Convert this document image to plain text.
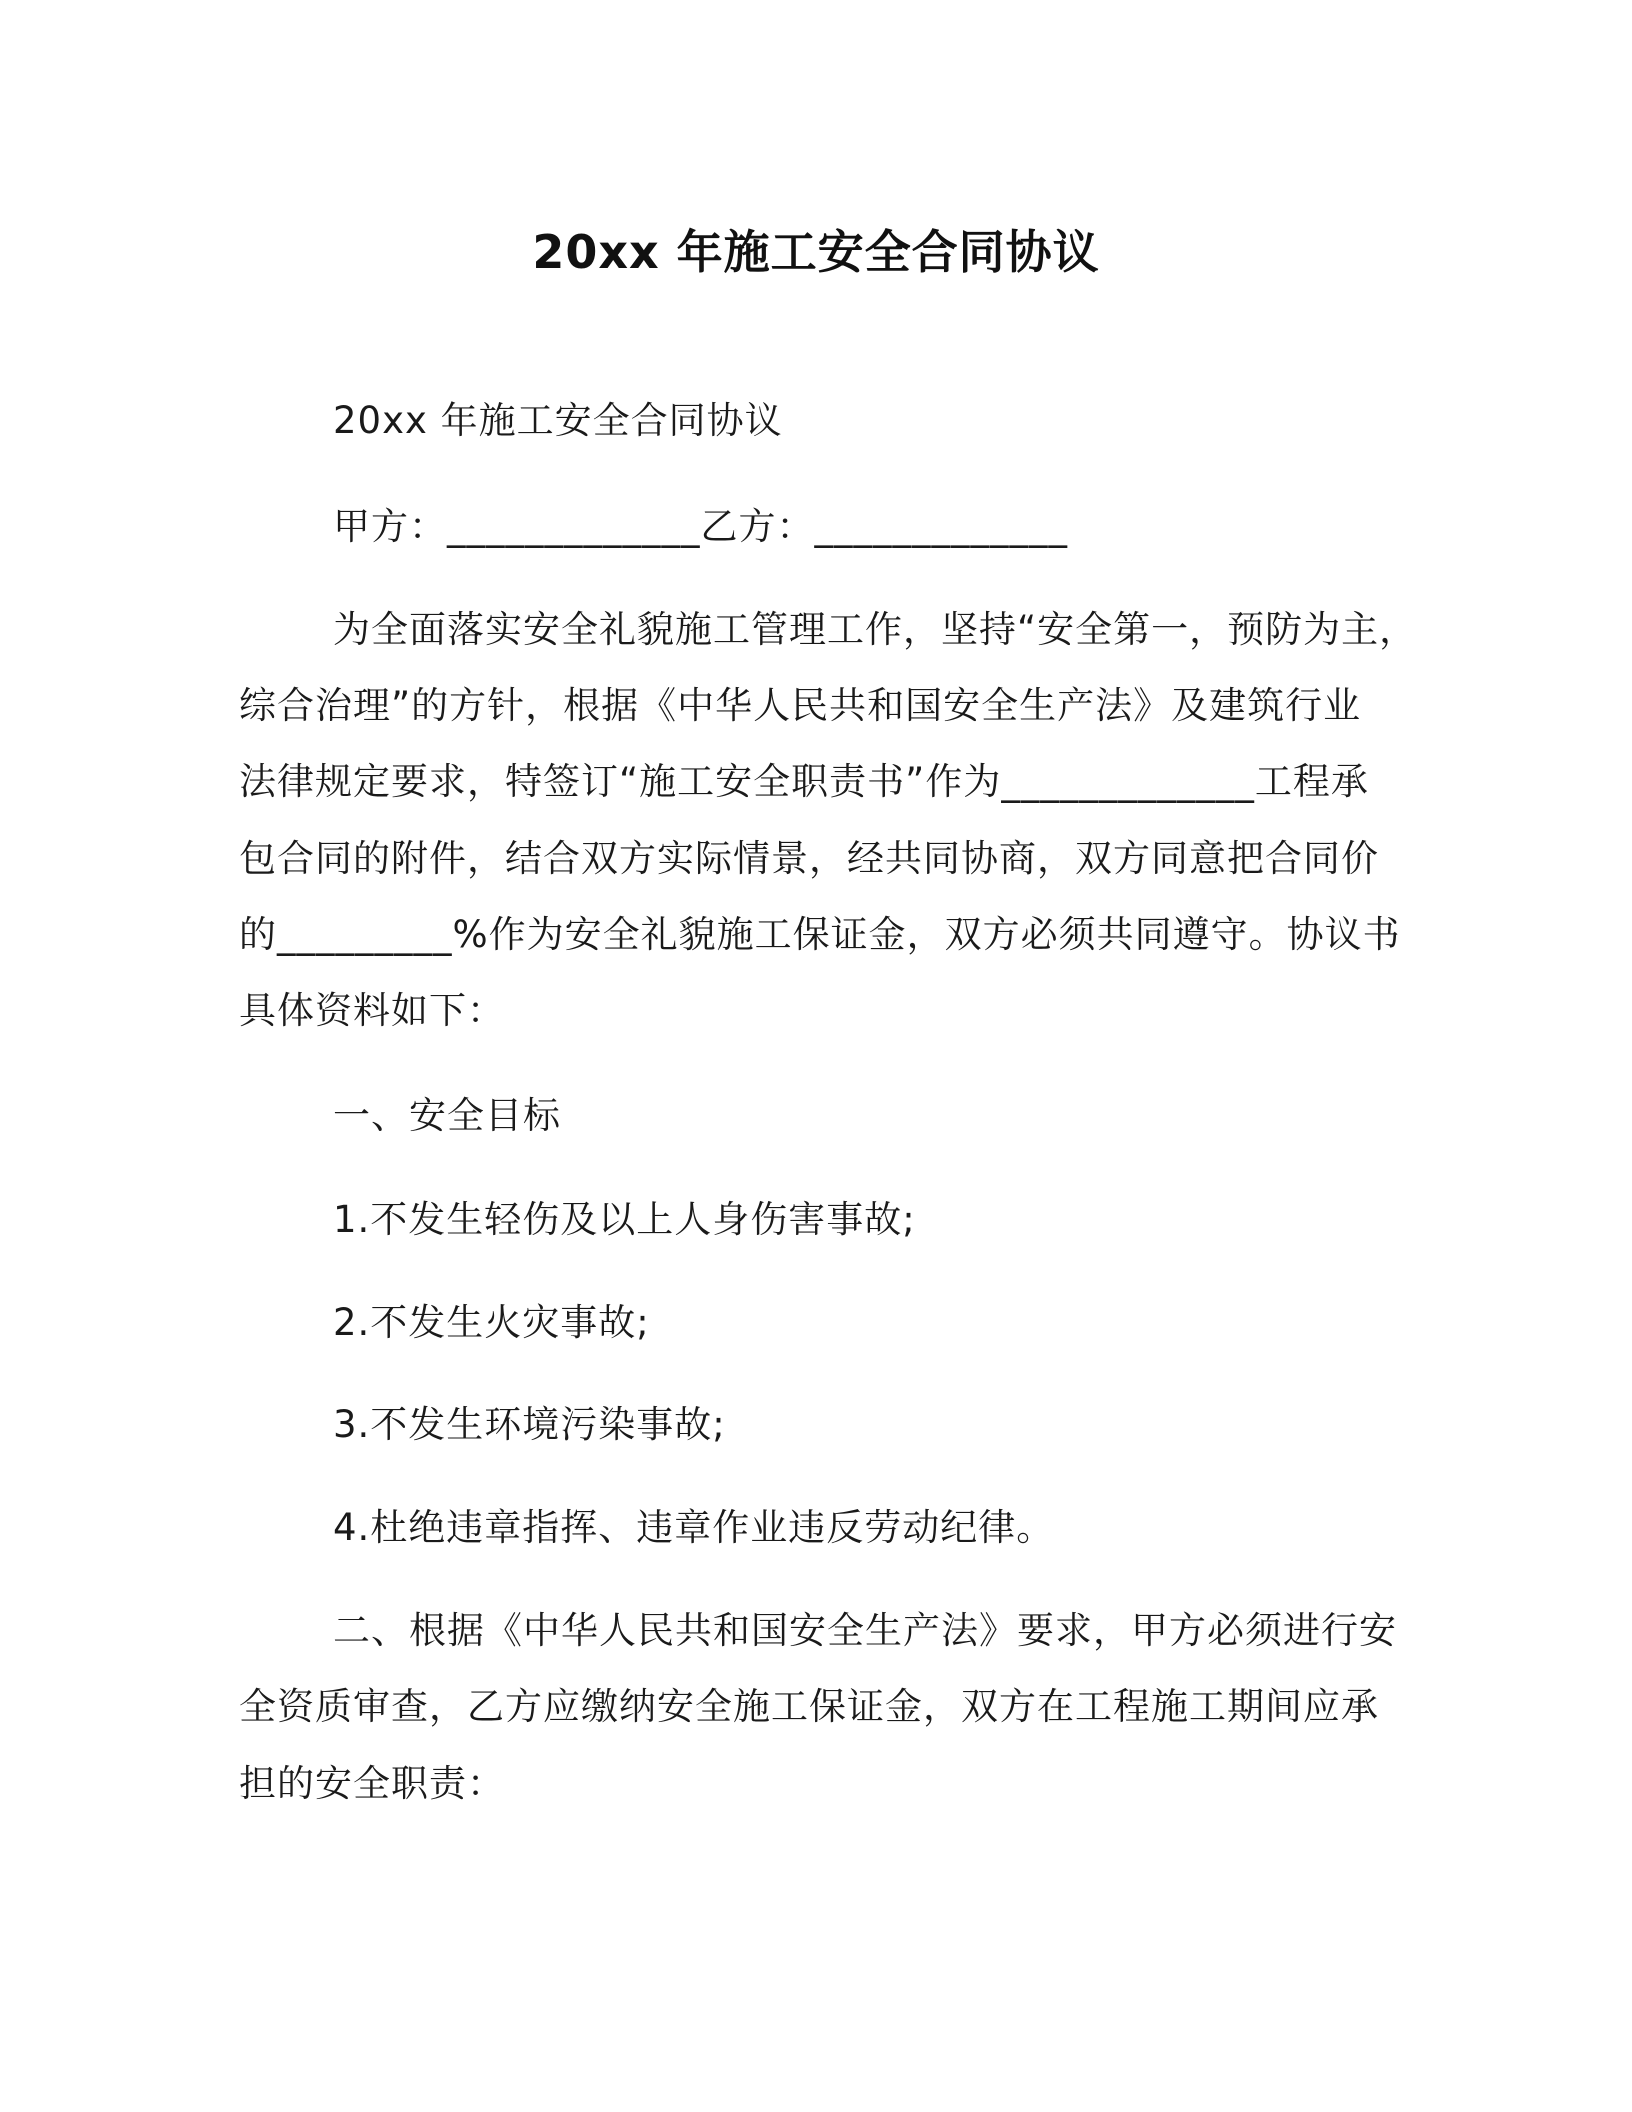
20xx 年施工安全合同协议
20xx 年施工安全合同协议
甲方：_____________乙方：_____________
为全面落实安全礼貌施工管理工作，坚持“安全第一，预防为主，
综合治理”的方针，根据《中华人民共和国安全生产法》及建筑行业
法律规定要求，特签订“施工安全职责书”作为_____________工程承
包合同的附件，结合双方实际情景，经共同协商，双方同意把合同价
的_________%作为安全礼貌施工保证金，双方必须共同遵守。协议书
具体资料如下：
一、安全目标
1.不发生轻伤及以上人身伤害事故;
2.不发生火灾事故;
3.不发生环境污染事故;
4.杜绝违章指挥、违章作业违反劳动纪律。
二、根据《中华人民共和国安全生产法》要求，甲方必须进行安
全资质审查，乙方应缴纳安全施工保证金，双方在工程施工期间应承
担的安全职责：
